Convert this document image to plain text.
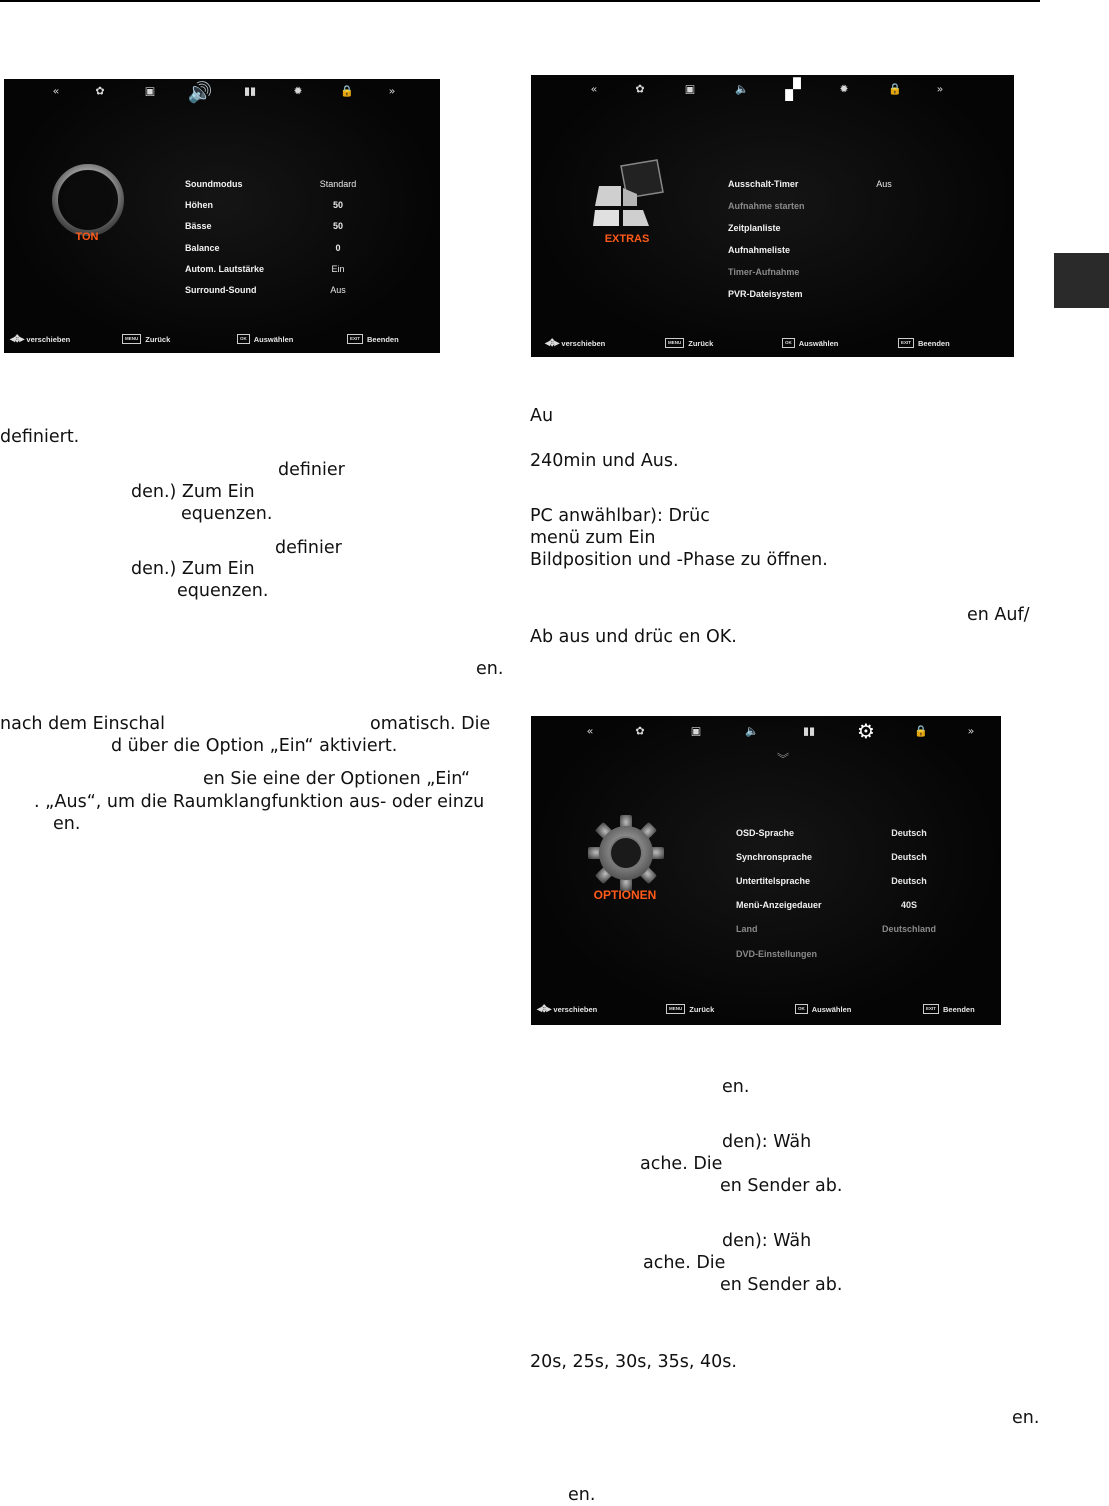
«	✿	▣ 🔊	▮▮	✹	🔒	»
TON
Soundmodus	Standard
Höhen	50
Bässe	50
Balance	0
Autom. Lautstärke	Ein
Surround-Sound	Aus
◂✥▸ verschieben	MENU Zurück	OK Auswählen	EXIT Beenden
«	✿	▣	🔈 ▞	✹	🔒	»
EXTRAS
Ausschalt-Timer	Aus
Aufnahme starten
Zeitplanliste
Aufnahmeliste
Timer-Aufnahme
PVR-Dateisystem
◂✥▸ verschieben	MENU Zurück	OK Auswählen	EXIT Beenden
«	✿	▣	🔈	▮▮ ⚙	🔒	»
︾
OPTIONEN
OSD-Sprache	Deutsch
Synchronsprache	Deutsch
Untertitelsprache	Deutsch
Menü-Anzeigedauer	40S
Land	Deutschland
DVD-Einstellungen
◂✥▸ verschieben	MENU Zurück	OK Auswählen	EXIT Beenden
definiert.
definier
den.) Zum Ein
equenzen.
definier
den.) Zum Ein
equenzen.
en.
nach dem Einschal	omatisch. Die
d über die Option „Ein“ aktiviert.
en Sie eine der Optionen „Ein“
. „Aus“, um die Raumklangfunktion aus- oder einzu
en.
Au
240min und Aus.
PC anwählbar): Drüc
menü zum Ein
Bildposition und -Phase zu öffnen.
en Auf/
Ab aus und drüc en OK.
en.
den): Wäh
ache. Die
en Sender ab.
den): Wäh
ache. Die
en Sender ab.
20s, 25s, 30s, 35s, 40s.
en.
en.
